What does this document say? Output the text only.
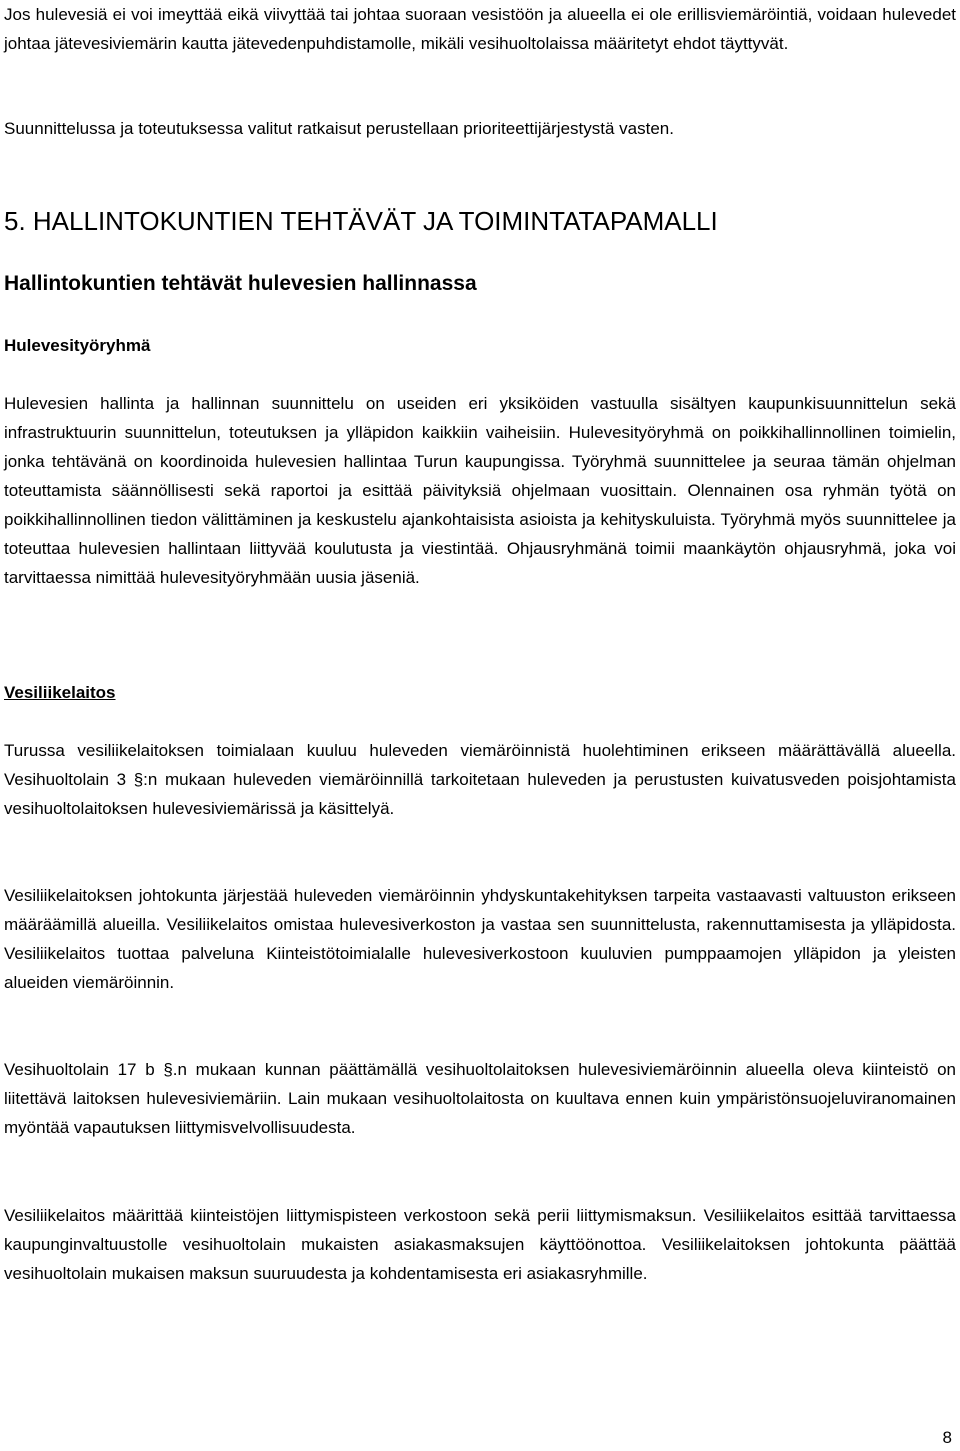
Jos hulevesiä ei voi imeyttää eikä viivyttää tai johtaa suoraan vesistöön ja alueella ei ole erillisviemäröintiä, voidaan hulevedet johtaa jätevesiviemärin kautta jätevedenpuhdistamolle, mikäli vesihuoltolaissa määritetyt ehdot täyttyvät.

Suunnittelussa ja toteutuksessa valitut ratkaisut perustellaan prioriteettijärjestystä vasten.

5. HALLINTOKUNTIEN TEHTÄVÄT JA TOIMINTATAPAMALLI
Hallintokuntien tehtävät hulevesien hallinnassa
Hulevesityöryhmä

Hulevesien hallinta ja hallinnan suunnittelu on useiden eri yksiköiden vastuulla sisältyen kaupunkisuunnittelun sekä infrastruktuurin suunnittelun, toteutuksen ja ylläpidon kaikkiin vaiheisiin. Hulevesityöryhmä on poikkihallinnollinen toimielin, jonka tehtävänä on koordinoida hulevesien hallintaa Turun kaupungissa. Työryhmä suunnittelee ja seuraa tämän ohjelman toteuttamista säännöllisesti sekä raportoi ja esittää päivityksiä ohjelmaan vuosittain. Olennainen osa ryhmän työtä on poikkihallinnollinen tiedon välittäminen ja keskustelu ajankohtaisista asioista ja kehityskuluista. Työryhmä myös suunnittelee ja toteuttaa hulevesien hallintaan liittyvää koulutusta ja viestintää. Ohjausryhmänä toimii maankäytön ohjausryhmä, joka voi tarvittaessa nimittää hulevesityöryhmään uusia jäseniä.

Vesiliikelaitos

Turussa vesiliikelaitoksen toimialaan kuuluu huleveden viemäröinnistä huolehtiminen erikseen määrättävällä alueella. Vesihuoltolain 3 §:n mukaan huleveden viemäröinnillä tarkoitetaan huleveden ja perustusten kuivatusveden poisjohtamista vesihuoltolaitoksen hulevesiviemärissä ja käsittelyä.

Vesiliikelaitoksen johtokunta järjestää huleveden viemäröinnin yhdyskuntakehityksen tarpeita vastaavasti valtuuston erikseen määräämillä alueilla. Vesiliikelaitos omistaa hulevesiverkoston ja vastaa sen suunnittelusta, rakennuttamisesta ja ylläpidosta. Vesiliikelaitos tuottaa palveluna Kiinteistötoimialalle hulevesiverkostoon kuuluvien pumppaamojen ylläpidon ja yleisten alueiden viemäröinnin.

Vesihuoltolain 17 b §.n mukaan kunnan päättämällä vesihuoltolaitoksen hulevesiviemäröinnin alueella oleva kiinteistö on liitettävä laitoksen hulevesiviemäriin. Lain mukaan vesihuoltolaitosta on kuultava ennen kuin ympäristönsuojeluviranomainen myöntää vapautuksen liittymisvelvollisuudesta.

Vesiliikelaitos määrittää kiinteistöjen liittymispisteen verkostoon sekä perii liittymismaksun. Vesiliikelaitos esittää tarvittaessa kaupunginvaltuustolle vesihuoltolain mukaisten asiakasmaksujen käyttöönottoa. Vesiliikelaitoksen johtokunta päättää vesihuoltolain mukaisen maksun suuruudesta ja kohdentamisesta eri asiakasryhmille.

8
